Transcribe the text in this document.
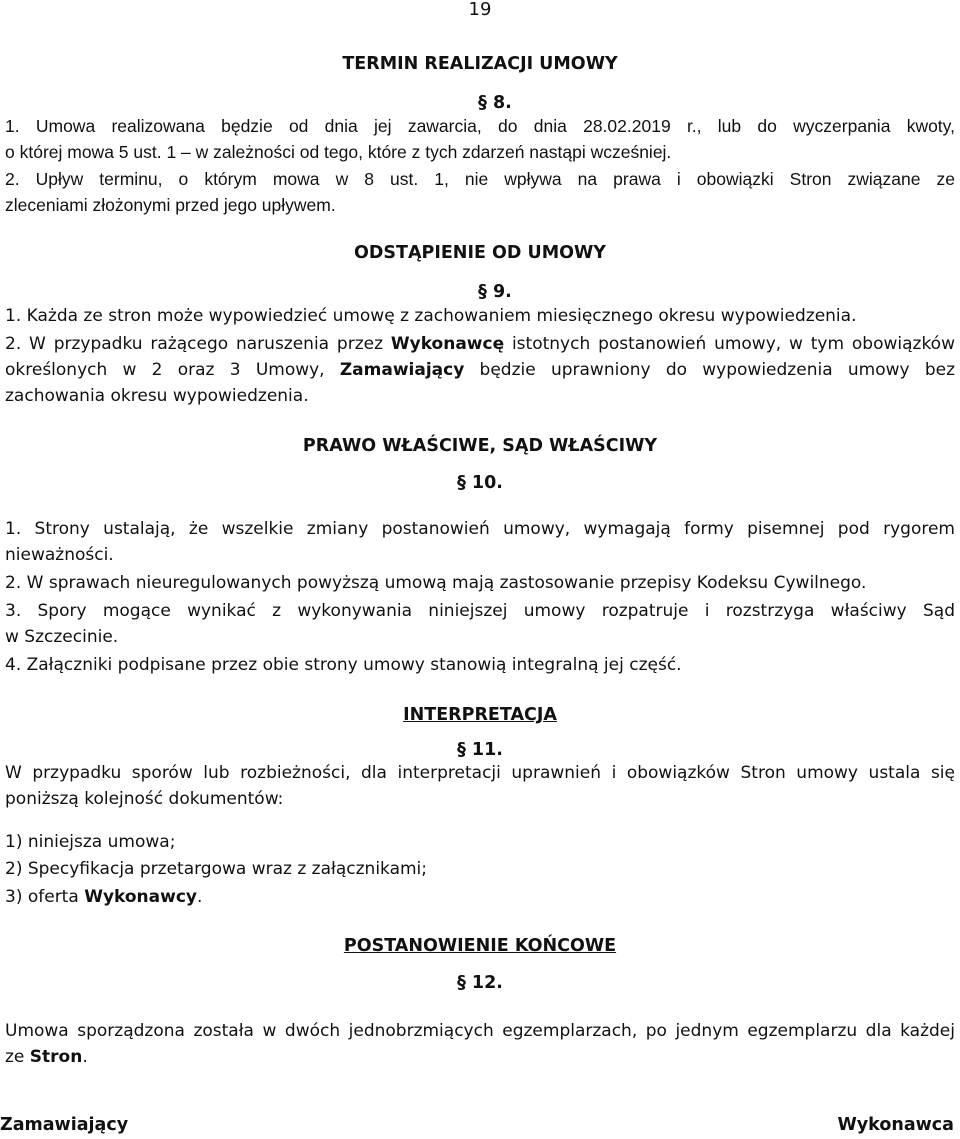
19
TERMIN REALIZACJI UMOWY
§ 8.
1. Umowa realizowana będzie od dnia jej zawarcia, do dnia 28.02.2019 r., lub do wyczerpania kwoty,
o której mowa 5 ust. 1 – w zależności od tego, które z tych zdarzeń nastąpi wcześniej.
2. Upływ terminu, o którym mowa w 8 ust. 1, nie wpływa na prawa i obowiązki Stron związane ze
zleceniami złożonymi przed jego upływem.
ODSTĄPIENIE OD UMOWY
§ 9.
1. Każda ze stron może wypowiedzieć umowę z zachowaniem miesięcznego okresu wypowiedzenia.
2. W przypadku rażącego naruszenia przez Wykonawcę istotnych postanowień umowy, w tym obowiązków
określonych w 2 oraz 3 Umowy, Zamawiający będzie uprawniony do wypowiedzenia umowy bez
zachowania okresu wypowiedzenia.
PRAWO WŁAŚCIWE, SĄD WŁAŚCIWY
§ 10.
1. Strony ustalają, że wszelkie zmiany postanowień umowy, wymagają formy pisemnej pod rygorem
nieważności.
2. W sprawach nieuregulowanych powyższą umową mają zastosowanie przepisy Kodeksu Cywilnego.
3. Spory mogące wynikać z wykonywania niniejszej umowy rozpatruje i rozstrzyga właściwy Sąd
w Szczecinie.
4. Załączniki podpisane przez obie strony umowy stanowią integralną jej część.
INTERPRETACJA
§ 11.
W przypadku sporów lub rozbieżności, dla interpretacji uprawnień i obowiązków Stron umowy ustala się
poniższą kolejność dokumentów:
1) niniejsza umowa;
2) Specyfikacja przetargowa wraz z załącznikami;
3) oferta Wykonawcy.
POSTANOWIENIE KOŃCOWE
§ 12.
Umowa sporządzona została w dwóch jednobrzmiących egzemplarzach, po jednym egzemplarzu dla każdej
ze Stron.
Zamawiający	Wykonawca
